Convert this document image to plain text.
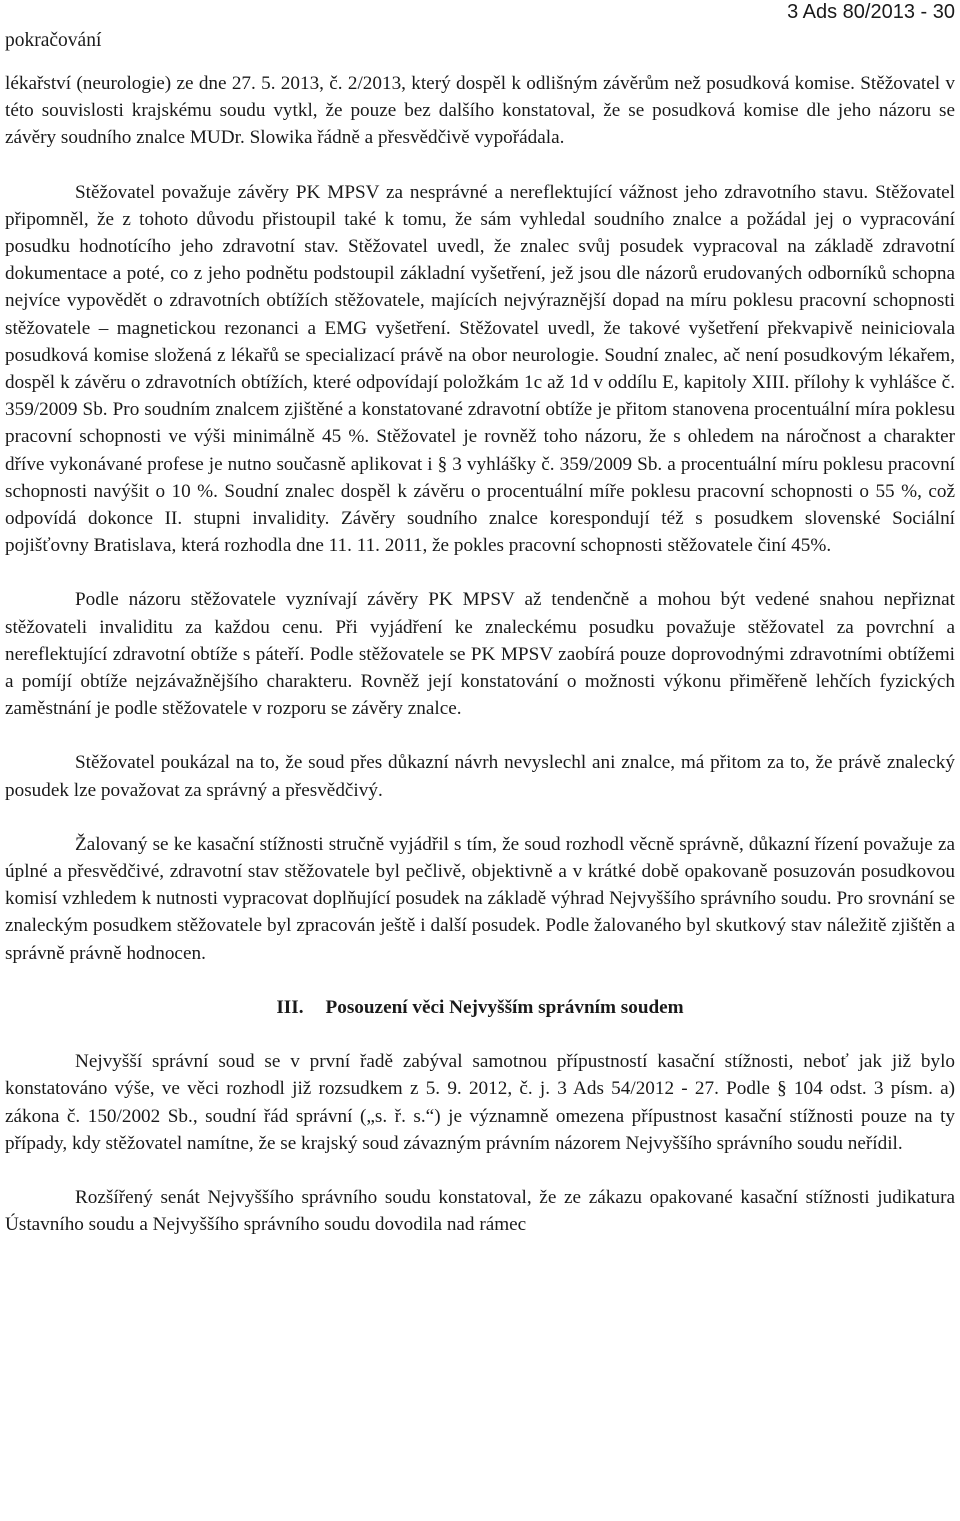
pokračování
3 Ads 80/2013 - 30

lékařství (neurologie) ze dne 27. 5. 2013, č. 2/2013, který dospěl k odlišným závěrům než posudková komise. Stěžovatel v této souvislosti krajskému soudu vytkl, že pouze bez dalšího konstatoval, že se posudková komise dle jeho názoru se závěry soudního znalce MUDr. Slowika řádně a přesvědčivě vypořádala.

Stěžovatel považuje závěry PK MPSV za nesprávné a nereflektující vážnost jeho zdravotního stavu. Stěžovatel připomněl, že z tohoto důvodu přistoupil také k tomu, že sám vyhledal soudního znalce a požádal jej o vypracování posudku hodnotícího jeho zdravotní stav. Stěžovatel uvedl, že znalec svůj posudek vypracoval na základě zdravotní dokumentace a poté, co z jeho podnětu podstoupil základní vyšetření, jež jsou dle názorů erudovaných odborníků schopna nejvíce vypovědět o zdravotních obtížích stěžovatele, majících nejvýraznější dopad na míru poklesu pracovní schopnosti stěžovatele – magnetickou rezonanci a EMG vyšetření. Stěžovatel uvedl, že takové vyšetření překvapivě neiniciovala posudková komise složená z lékařů se specializací právě na obor neurologie. Soudní znalec, ač není posudkovým lékařem, dospěl k závěru o zdravotních obtížích, které odpovídají položkám 1c až 1d v oddílu E, kapitoly XIII. přílohy k vyhlášce č. 359/2009 Sb. Pro soudním znalcem zjištěné a konstatované zdravotní obtíže je přitom stanovena procentuální míra poklesu pracovní schopnosti ve výši minimálně 45 %. Stěžovatel je rovněž toho názoru, že s ohledem na náročnost a charakter dříve vykonávané profese je nutno současně aplikovat i § 3 vyhlášky č. 359/2009 Sb. a procentuální míru poklesu pracovní schopnosti navýšit o 10 %. Soudní znalec dospěl k závěru o procentuální míře poklesu pracovní schopnosti o 55 %, což odpovídá dokonce II. stupni invalidity. Závěry soudního znalce korespondují též s posudkem slovenské Sociální pojišťovny Bratislava, která rozhodla dne 11. 11. 2011, že pokles pracovní schopnosti stěžovatele činí 45%.

Podle názoru stěžovatele vyznívají závěry PK MPSV až tendenčně a mohou být vedené snahou nepřiznat stěžovateli invaliditu za každou cenu. Při vyjádření ke znaleckému posudku považuje stěžovatel za povrchní a nereflektující zdravotní obtíže s páteří. Podle stěžovatele se PK MPSV zaobírá pouze doprovodnými zdravotními obtížemi a pomíjí obtíže nejzávažnějšího charakteru. Rovněž její konstatování o možnosti výkonu přiměřeně lehčích fyzických zaměstnání je podle stěžovatele v rozporu se závěry znalce.

Stěžovatel poukázal na to, že soud přes důkazní návrh nevyslechl ani znalce, má přitom za to, že právě znalecký posudek lze považovat za správný a přesvědčivý.

Žalovaný se ke kasační stížnosti stručně vyjádřil s tím, že soud rozhodl věcně správně, důkazní řízení považuje za úplné a přesvědčivé, zdravotní stav stěžovatele byl pečlivě, objektivně a v krátké době opakovaně posuzován posudkovou komisí vzhledem k nutnosti vypracovat doplňující posudek na základě výhrad Nejvyššího správního soudu. Pro srovnání se znaleckým posudkem stěžovatele byl zpracován ještě i další posudek. Podle žalovaného byl skutkový stav náležitě zjištěn a správně právně hodnocen.

III. Posouzení věci Nejvyšším správním soudem

Nejvyšší správní soud se v první řadě zabýval samotnou přípustností kasační stížnosti, neboť jak již bylo konstatováno výše, ve věci rozhodl již rozsudkem z 5. 9. 2012, č. j. 3 Ads 54/2012 - 27. Podle § 104 odst. 3 písm. a) zákona č. 150/2002 Sb., soudní řád správní („s. ř. s.“) je významně omezena přípustnost kasační stížnosti pouze na ty případy, kdy stěžovatel namítne, že se krajský soud závazným právním názorem Nejvyššího správního soudu neřídil.

Rozšířený senát Nejvyššího správního soudu konstatoval, že ze zákazu opakované kasační stížnosti judikatura Ústavního soudu a Nejvyššího správního soudu dovodila nad rámec
